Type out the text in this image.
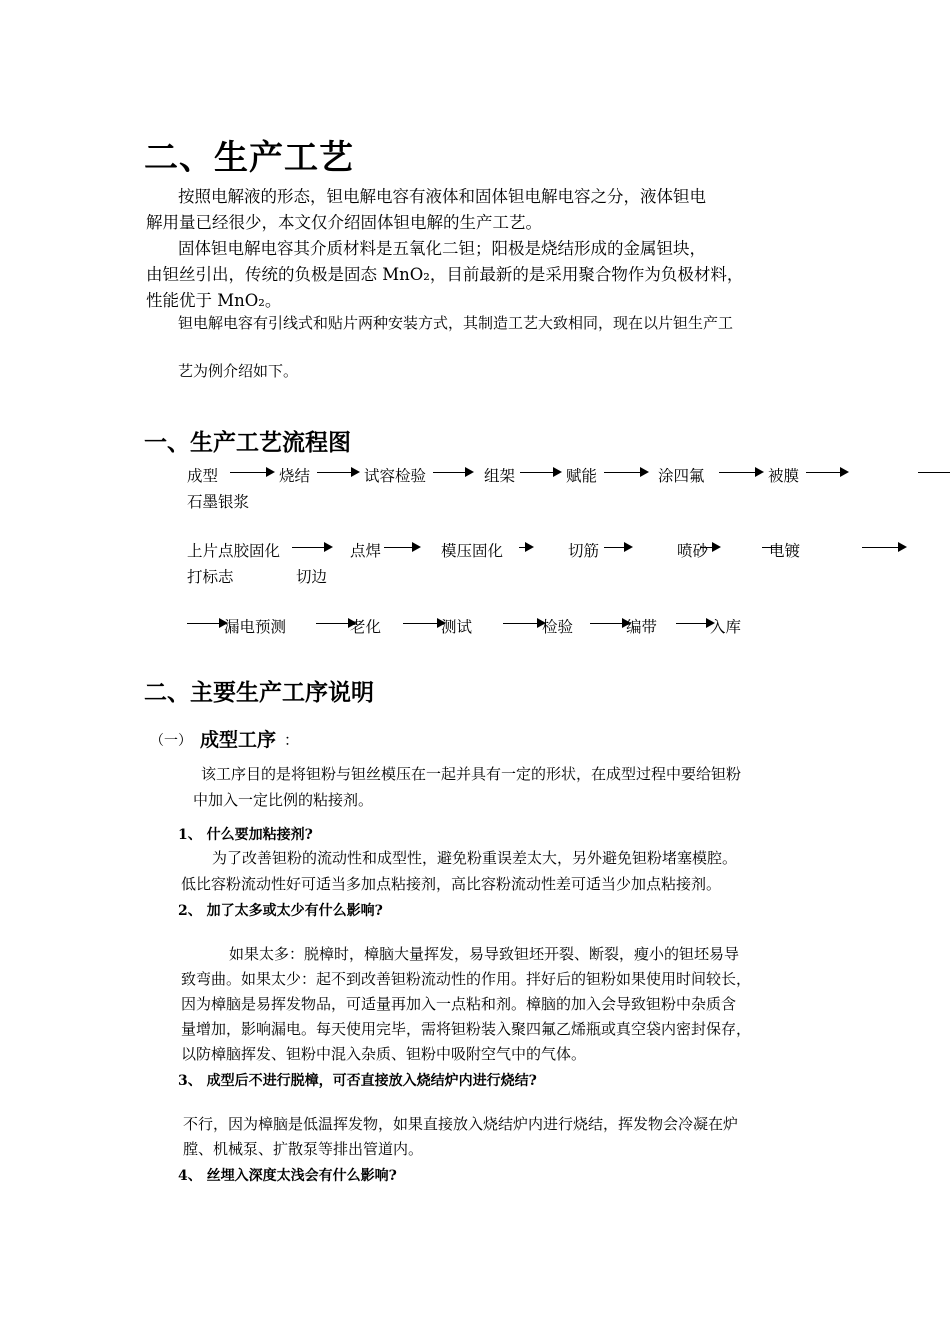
二、生产工艺
按照电解液的形态，钽电解电容有液体和固体钽电解电容之分，液体钽电
解用量已经很少，本文仅介绍固体钽电解的生产工艺。
固体钽电解电容其介质材料是五氧化二钽；阳极是烧结形成的金属钽块，
由钽丝引出，传统的负极是固态 MnO₂，目前最新的是采用聚合物作为负极材料，
性能优于 MnO₂。
钽电解电容有引线式和贴片两种安装方式，其制造工艺大致相同，现在以片钽生产工
艺为例介绍如下。
一、生产工艺流程图
成型	烧结	试容检验	组架	赋能	涂四氟	被膜
石墨银浆
上片点胶固化	点焊	模压固化	切筋	喷砂	电镀
打标志	切边
漏电预测	老化	测试	检验	编带	入库
二、主要生产工序说明
（一） 成型工序 ：
该工序目的是将钽粉与钽丝模压在一起并具有一定的形状，在成型过程中要给钽粉
中加入一定比例的粘接剂。
1、 什么要加粘接剂?
为了改善钽粉的流动性和成型性，避免粉重误差太大，另外避免钽粉堵塞模腔。
低比容粉流动性好可适当多加点粘接剂，高比容粉流动性差可适当少加点粘接剂。
2、 加了太多或太少有什么影响?
如果太多：脱樟时，樟脑大量挥发，易导致钽坯开裂、断裂，瘦小的钽坯易导
致弯曲。如果太少：起不到改善钽粉流动性的作用。拌好后的钽粉如果使用时间较长，
因为樟脑是易挥发物品，可适量再加入一点粘和剂。樟脑的加入会导致钽粉中杂质含
量增加，影响漏电。每天使用完毕，需将钽粉装入聚四氟乙烯瓶或真空袋内密封保存，
以防樟脑挥发、钽粉中混入杂质、钽粉中吸附空气中的气体。
3、 成型后不进行脱樟，可否直接放入烧结炉内进行烧结?
不行，因为樟脑是低温挥发物，如果直接放入烧结炉内进行烧结，挥发物会冷凝在炉
膛、机械泵、扩散泵等排出管道内。
4、 丝埋入深度太浅会有什么影响?
